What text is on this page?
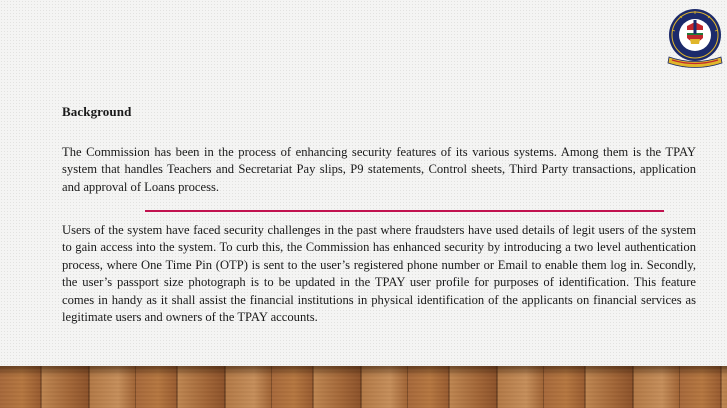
Background

The Commission has been in the process of enhancing security features of its various systems. Among them is the TPAY system that handles Teachers and Secretariat Pay slips, P9 statements, Control sheets, Third Party transactions, application and approval of Loans process.

Users of the system have faced security challenges in the past where fraudsters have used details of legit users of the system to gain access into the system. To curb this, the Commission has enhanced security by introducing a two level authentication process, where One Time Pin (OTP) is sent to the user’s registered phone number or Email to enable them log in. Secondly, the user’s passport size photograph is to be updated in the TPAY user profile for purposes of identification. This feature comes in handy as it shall assist the financial institutions in physical identification of the applicants on financial services as legitimate users and owners of the TPAY accounts.
